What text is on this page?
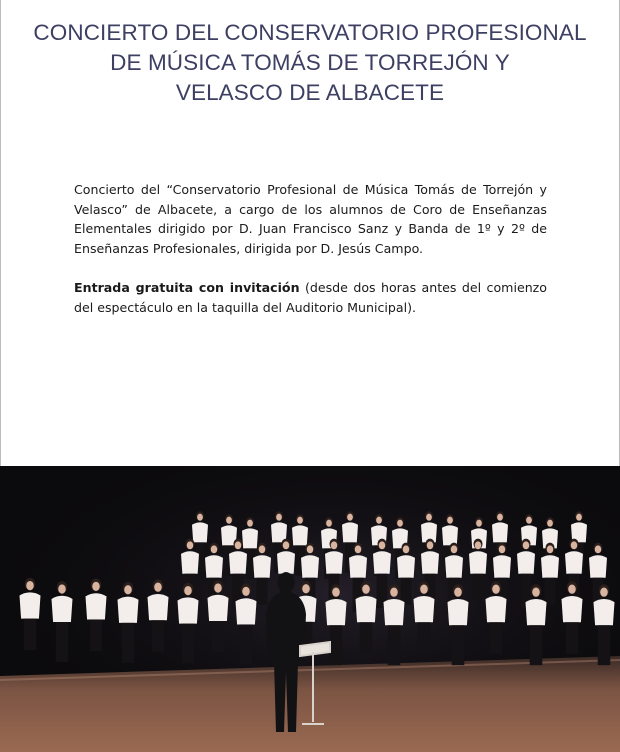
CONCIERTO DEL CONSERVATORIO PROFESIONAL
DE MÚSICA TOMÁS DE TORREJÓN Y
VELASCO DE ALBACETE

Concierto del “Conservatorio Profesional de Música Tomás de Torrejón y Velasco” de Albacete, a cargo de los alumnos de Coro de Enseñanzas Elementales dirigido por D. Juan Francisco Sanz y Banda de 1º y 2º de Enseñanzas Profesionales, dirigida por D. Jesús Campo.

Entrada gratuita con invitación (desde dos horas antes del comienzo del espectáculo en la taquilla del Auditorio Municipal).
